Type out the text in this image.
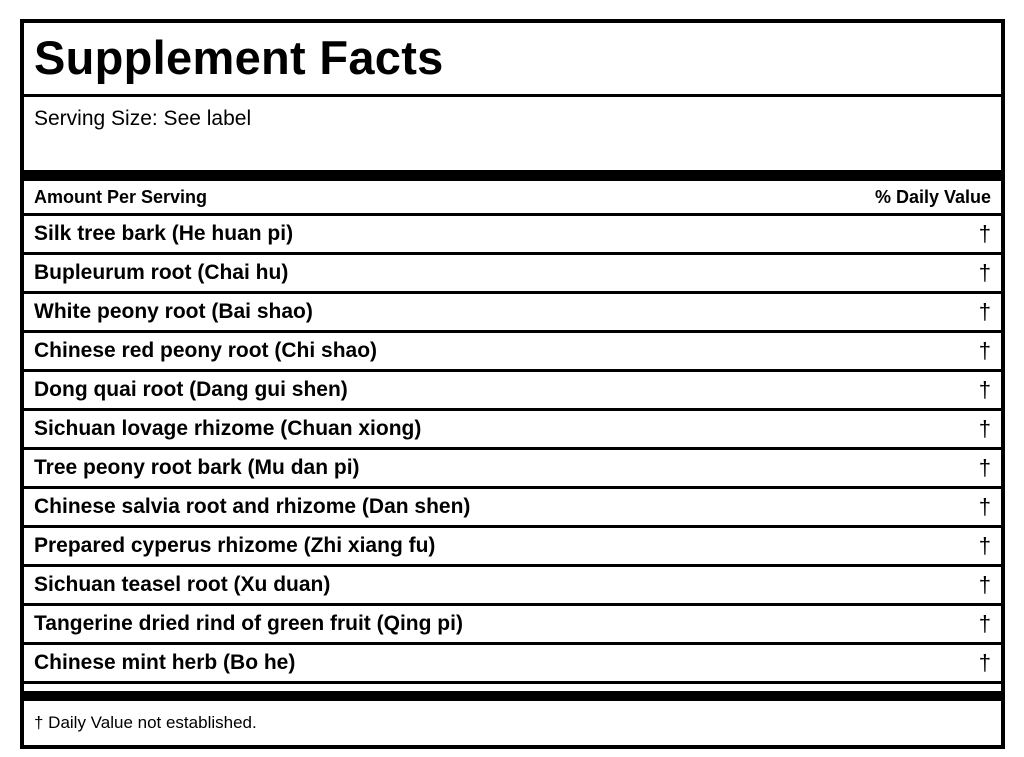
Supplement Facts
Serving Size: See label
Amount Per Serving	% Daily Value
Silk tree bark (He huan pi)	†
Bupleurum root (Chai hu)	†
White peony root (Bai shao)	†
Chinese red peony root (Chi shao)	†
Dong quai root (Dang gui shen)	†
Sichuan lovage rhizome (Chuan xiong)	†
Tree peony root bark (Mu dan pi)	†
Chinese salvia root and rhizome (Dan shen)	†
Prepared cyperus rhizome (Zhi xiang fu)	†
Sichuan teasel root (Xu duan)	†
Tangerine dried rind of green fruit (Qing pi)	†
Chinese mint herb (Bo he)	†
† Daily Value not established.
